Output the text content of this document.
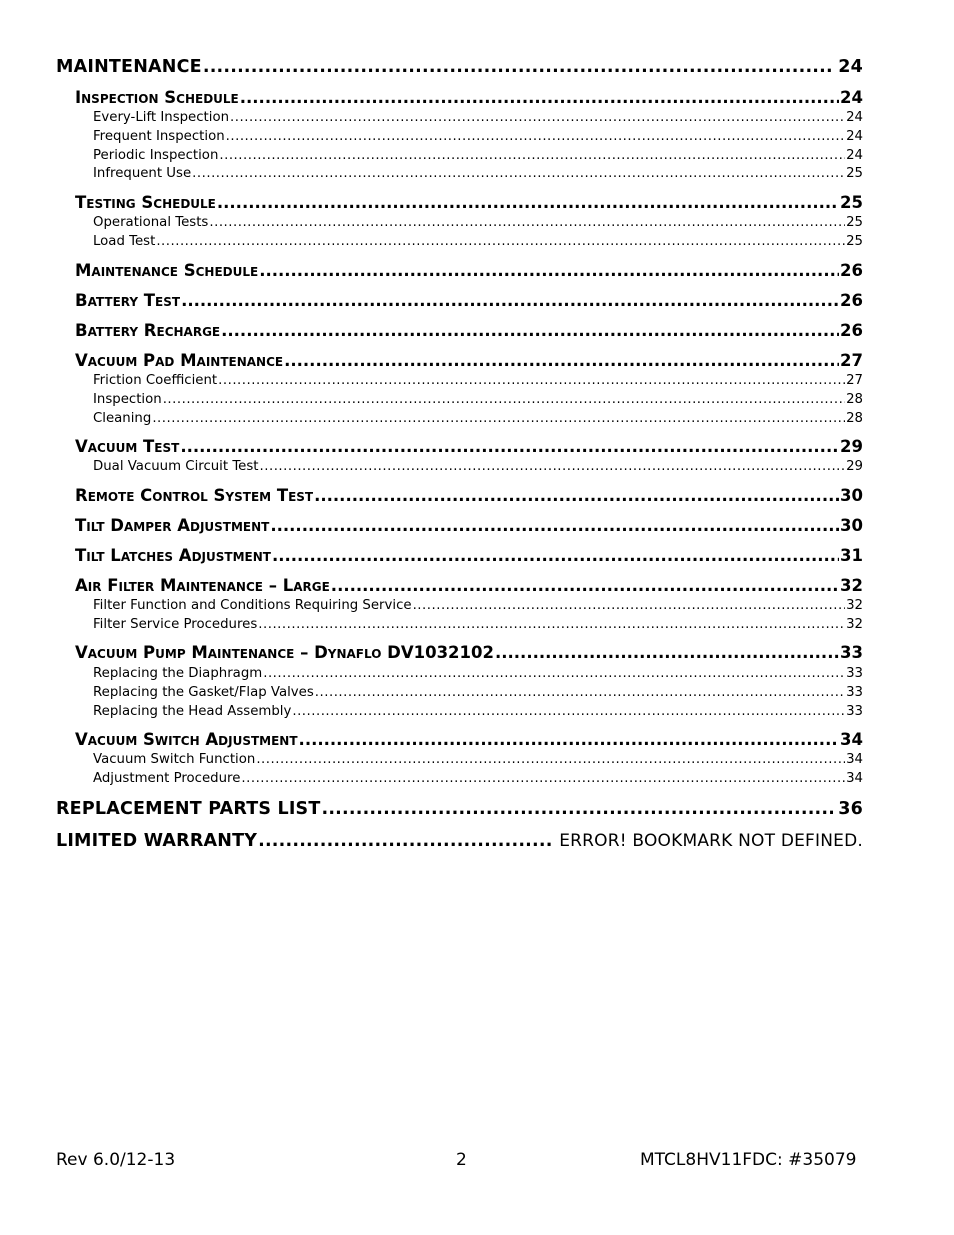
MAINTENANCE .....	24
Inspection Schedule .....	24
Every-Lift Inspection .....	24
Frequent Inspection .....	24
Periodic Inspection .....	24
Infrequent Use .....	25
Testing Schedule .....	25
Operational Tests .....	25
Load Test .....	25
Maintenance Schedule .....	26
Battery Test .....	26
Battery Recharge .....	26
Vacuum Pad Maintenance .....	27
Friction Coefficient .....	27
Inspection .....	28
Cleaning .....	28
Vacuum Test .....	29
Dual Vacuum Circuit Test .....	29
Remote Control System Test .....	30
Tilt Damper Adjustment .....	30
Tilt Latches Adjustment .....	31
Air Filter Maintenance – Large .....	32
Filter Function and Conditions Requiring Service .....	32
Filter Service Procedures .....	32
Vacuum Pump Maintenance – Dynaflo DV1032102 .....	33
Replacing the Diaphragm .....	33
Replacing the Gasket/Flap Valves .....	33
Replacing the Head Assembly .....	33
Vacuum Switch Adjustment .....	34
Vacuum Switch Function .....	34
Adjustment Procedure .....	34
REPLACEMENT PARTS LIST .....	36
LIMITED WARRANTY .....	ERROR! BOOKMARK NOT DEFINED.
Rev 6.0/12-13	2	MTCL8HV11FDC: #35079
